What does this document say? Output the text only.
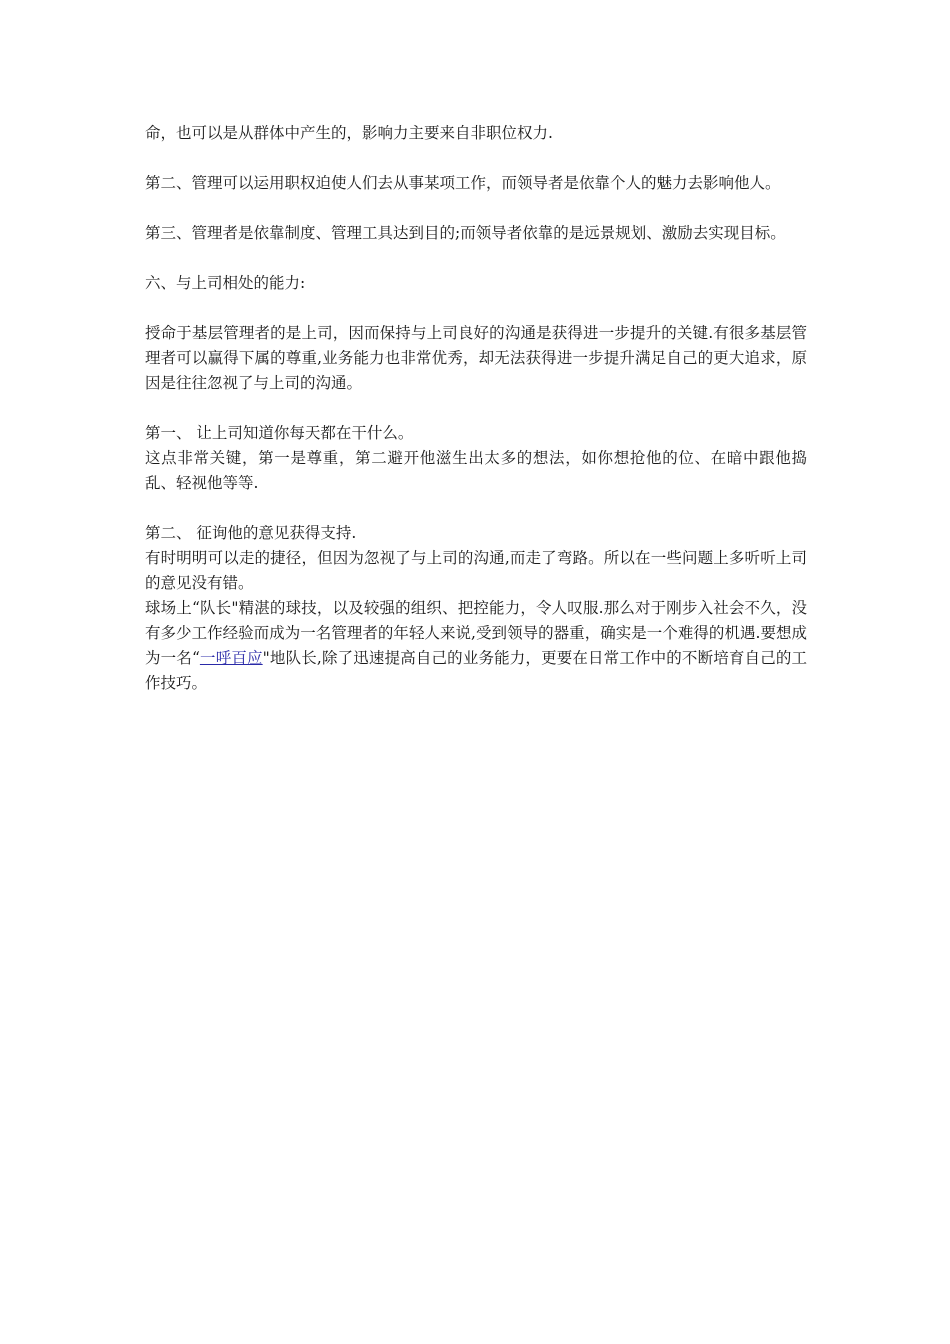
命，也可以是从群体中产生的，影响力主要来自非职位权力.

第二、管理可以运用职权迫使人们去从事某项工作，而领导者是依靠个人的魅力去影响他人。

第三、管理者是依靠制度、管理工具达到目的;而领导者依靠的是远景规划、激励去实现目标。

六、与上司相处的能力:

授命于基层管理者的是上司，因而保持与上司良好的沟通是获得进一步提升的关键.有很多基层管理者可以赢得下属的尊重,业务能力也非常优秀，却无法获得进一步提升满足自己的更大追求，原因是往往忽视了与上司的沟通。

第一、 让上司知道你每天都在干什么。

这点非常关键，第一是尊重，第二避开他滋生出太多的想法，如你想抢他的位、在暗中跟他捣乱、轻视他等等.

第二、 征询他的意见获得支持.

有时明明可以走的捷径，但因为忽视了与上司的沟通,而走了弯路。所以在一些问题上多听听上司的意见没有错。

球场上“队长"精湛的球技，以及较强的组织、把控能力，令人叹服.那么对于刚步入社会不久，没有多少工作经验而成为一名管理者的年轻人来说,受到领导的器重，确实是一个难得的机遇.要想成为一名“一呼百应"地队长,除了迅速提高自己的业务能力，更要在日常工作中的不断培育自己的工作技巧。
